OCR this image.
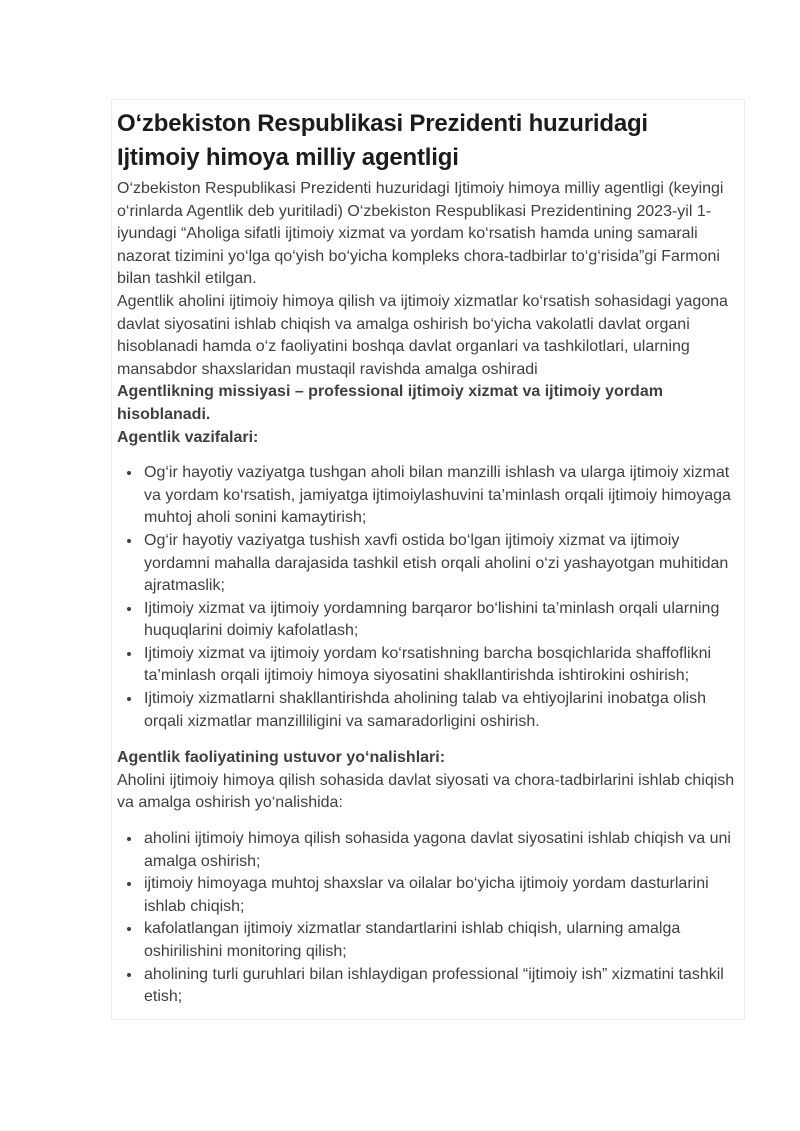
O‘zbekiston Respublikasi Prezidenti huzuridagi Ijtimoiy himoya milliy agentligi

O‘zbekiston Respublikasi Prezidenti huzuridagi Ijtimoiy himoya milliy agentligi (keyingi o‘rinlarda Agentlik deb yuritiladi) O‘zbekiston Respublikasi Prezidentining 2023-yil 1-iyundagi “Aholiga sifatli ijtimoiy xizmat va yordam ko‘rsatish hamda uning samarali nazorat tizimini yo‘lga qo‘yish bo‘yicha kompleks chora-tadbirlar to‘g‘risida”gi Farmoni bilan tashkil etilgan.

Agentlik aholini ijtimoiy himoya qilish va ijtimoiy xizmatlar ko‘rsatish sohasidagi yagona davlat siyosatini ishlab chiqish va amalga oshirish bo‘yicha vakolatli davlat organi hisoblanadi hamda o‘z faoliyatini boshqa davlat organlari va tashkilotlari, ularning mansabdor shaxslaridan mustaqil ravishda amalga oshiradi

Agentlikning missiyasi – professional ijtimoiy xizmat va ijtimoiy yordam hisoblanadi.

Agentlik vazifalari:

Og‘ir hayotiy vaziyatga tushgan aholi bilan manzilli ishlash va ularga ijtimoiy xizmat va yordam ko‘rsatish, jamiyatga ijtimoiylashuvini ta’minlash orqali ijtimoiy himoyaga muhtoj aholi sonini kamaytirish;
Og‘ir hayotiy vaziyatga tushish xavfi ostida bo‘lgan ijtimoiy xizmat va ijtimoiy yordamni mahalla darajasida tashkil etish orqali aholini o‘zi yashayotgan muhitidan ajratmaslik;
Ijtimoiy xizmat va ijtimoiy yordamning barqaror bo‘lishini ta’minlash orqali ularning huquqlarini doimiy kafolatlash;
Ijtimoiy xizmat va ijtimoiy yordam ko‘rsatishning barcha bosqichlarida shaffoflikni ta’minlash orqali ijtimoiy himoya siyosatini shakllantirishda ishtirokini oshirish;
Ijtimoiy xizmatlarni shakllantirishda aholining talab va ehtiyojlarini inobatga olish orqali xizmatlar manzilliligini va samaradorligini oshirish.

Agentlik faoliyatining ustuvor yo‘nalishlari:

Aholini ijtimoiy himoya qilish sohasida davlat siyosati va chora-tadbirlarini ishlab chiqish va amalga oshirish yo‘nalishida:

aholini ijtimoiy himoya qilish sohasida yagona davlat siyosatini ishlab chiqish va uni amalga oshirish;
ijtimoiy himoyaga muhtoj shaxslar va oilalar bo‘yicha ijtimoiy yordam dasturlarini ishlab chiqish;
kafolatlangan ijtimoiy xizmatlar standartlarini ishlab chiqish, ularning amalga oshirilishini monitoring qilish;
aholining turli guruhlari bilan ishlaydigan professional “ijtimoiy ish” xizmatini tashkil etish;
